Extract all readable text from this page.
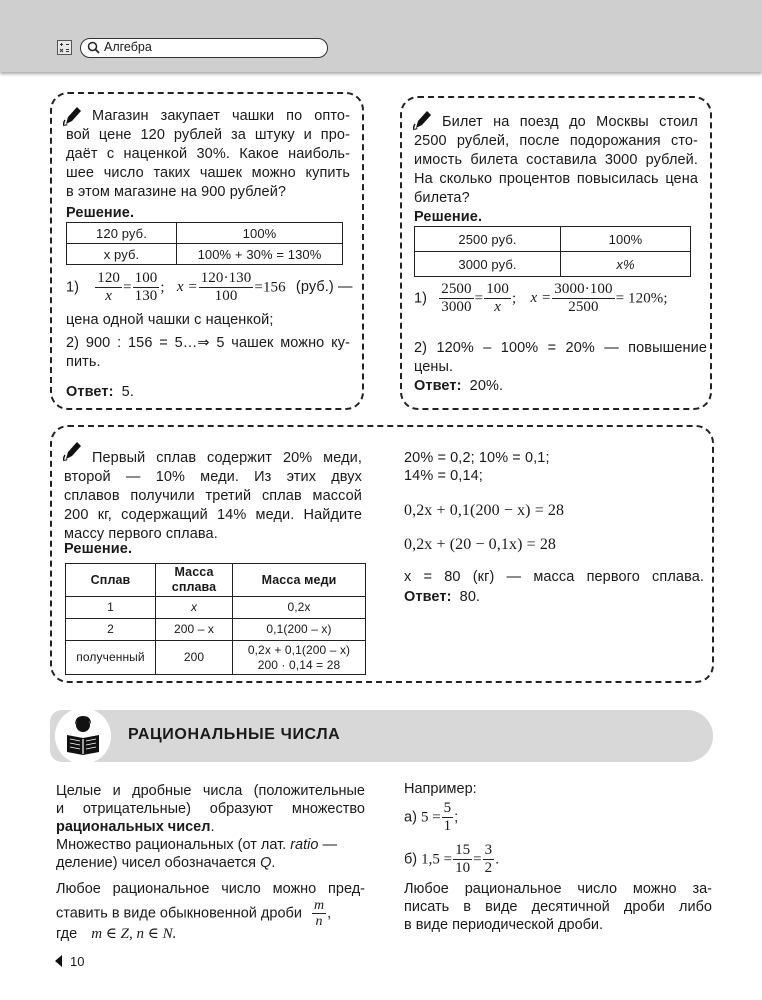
Алгебра
Магазин закупает чашки по опто-
вой цене 120 рублей за штуку и про-
даёт с наценкой 30%. Какое наиболь-
шее число таких чашек можно купить
в этом магазине на 900 рублей?
Решение.
120 руб.	100%
x руб.	100% + 30% = 130%
$1) \frac{120}{x} = \frac{100}{130}$ ; $x = \frac{120\cdot 130}{100} =156$ (руб.) —
цена одной чашки с наценкой;
2) 900 : 156 = 5…⇒ 5 чашек можно ку-
пить.
Ответ: 5.
Билет на поезд до Москвы стоил
2500 рублей, после подорожания сто-
имость билета составила 3000 рублей.
На сколько процентов повысилась цена
билета?
Решение.
2500 руб.	100%
3000 руб.	x%
$1) \frac{2500}{3000} = \frac{100}{x}$ ; $x = \frac{3000\cdot 100}{2500} = 120\%$;
2) 120% – 100% = 20% — повышение
цены.
Ответ: 20%.
Первый сплав содержит 20% меди,
второй — 10% меди. Из этих двух
сплавов получили третий сплав массой
200 кг, содержащий 14% меди. Найдите
массу первого сплава.
Решение.
Сплав	Масса сплава	Масса меди
1	x	0,2x
2	200 – x	0,1(200 – x)
полученный	200	0,2x + 0,1(200 – x)
200 · 0,14 = 28
20% = 0,2; 10% = 0,1;
14% = 0,14;
0,2x + 0,1(200 − x) = 28
0,2x + (20 − 0,1x) = 28
x = 80 (кг) — масса первого сплава.
Ответ: 80.
РАЦИОНАЛЬНЫЕ ЧИСЛА
Целые и дробные числа (положительные
и отрицательные) образуют множество
рациональных чисел.
Множество рациональных (от лат. ratio —
деление) чисел обозначается Q.
Любое рациональное число можно пред-
ставить в виде обыкновенной дроби $\frac{m}{n}$ ,
где m ∈ Z, n ∈ N.
Например:
а) $5 = \frac{5}{1}$ ;
б) $1,5 = \frac{15}{10} = \frac{3}{2}$ .
Любое рациональное число можно за-
писать в виде десятичной дроби либо
в виде периодической дроби.
10
